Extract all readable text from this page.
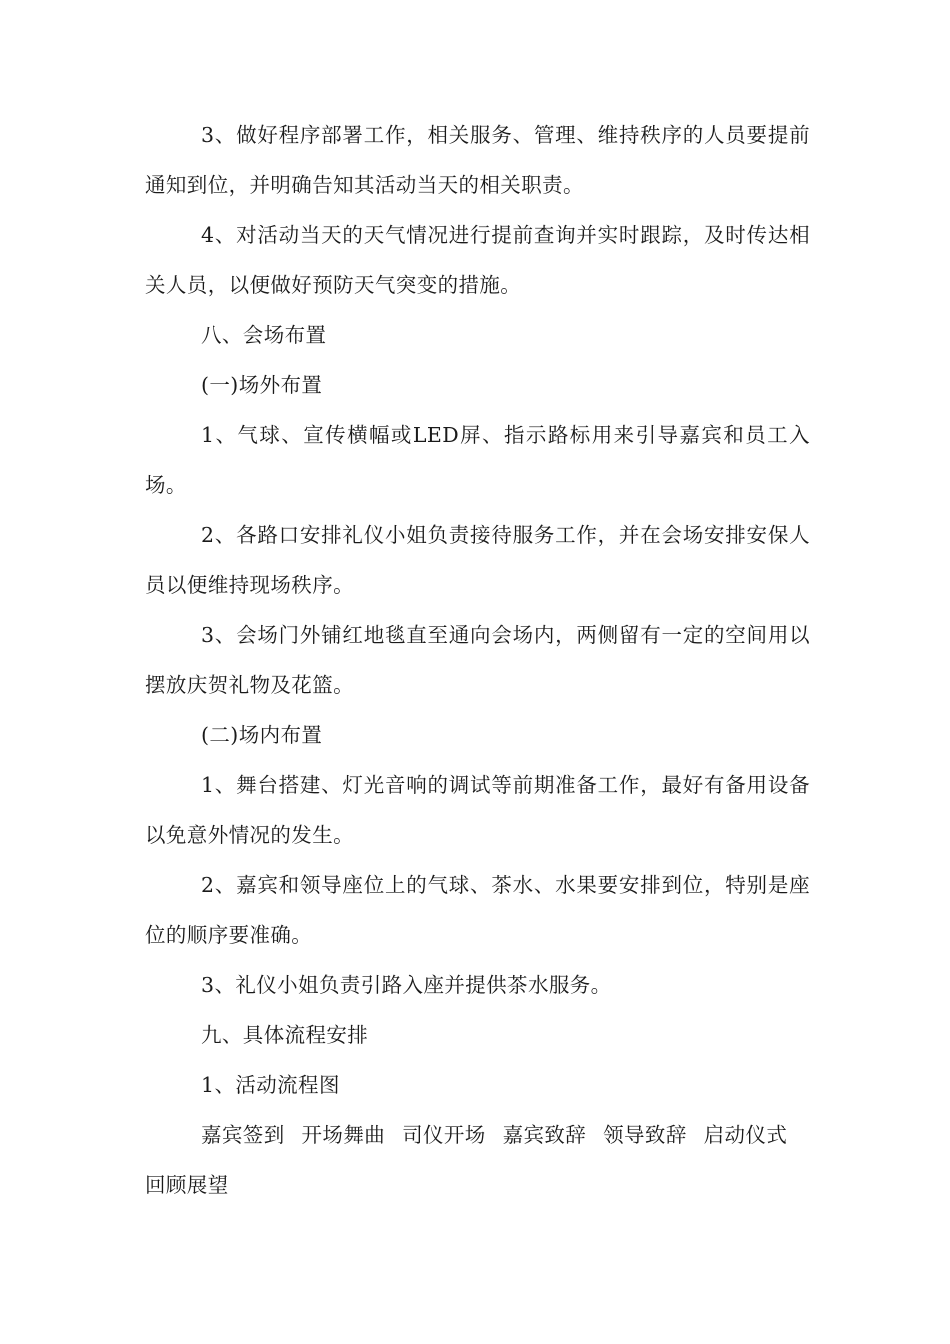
3、做好程序部署工作，相关服务、管理、维持秩序的人员要提前通知到位，并明确告知其活动当天的相关职责。

4、对活动当天的天气情况进行提前查询并实时跟踪，及时传达相关人员，以便做好预防天气突变的措施。

八、会场布置

(一)场外布置

1、气球、宣传横幅或LED屏、指示路标用来引导嘉宾和员工入场。

2、各路口安排礼仪小姐负责接待服务工作，并在会场安排安保人员以便维持现场秩序。

3、会场门外铺红地毯直至通向会场内，两侧留有一定的空间用以摆放庆贺礼物及花篮。

(二)场内布置

1、舞台搭建、灯光音响的调试等前期准备工作，最好有备用设备以免意外情况的发生。

2、嘉宾和领导座位上的气球、茶水、水果要安排到位，特别是座位的顺序要准确。

3、礼仪小姐负责引路入座并提供茶水服务。

九、具体流程安排

1、活动流程图

嘉宾签到 开场舞曲 司仪开场 嘉宾致辞 领导致辞 启动仪式
回顾展望
